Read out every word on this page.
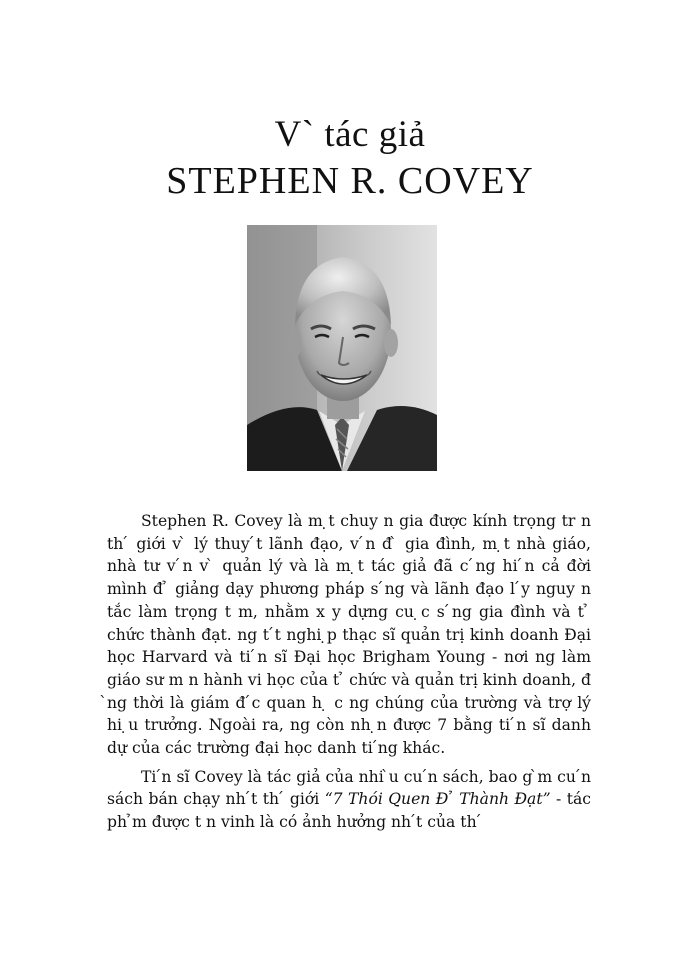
V` tác giả
STEPHEN R. COVEY

Stephen R. Covey là m ̣t chuy n gia được kính trọng tr n th ́ giới v ̀ lý thuy ́t lãnh đạo, v ́n đ ̀ gia đình, m ̣t nhà giáo, nhà tư v ́n v ̀ quản lý và là m ̣t tác giả đã c ́ng hi ́n cả đời mình đ ̉ giảng dạy phương pháp s ́ng và lãnh đạo l ́y nguy n tắc làm trọng t m, nhằm x y dựng cu ̣c s ́ng gia đình và t ̉ chức thành đạt. ng t ́t nghi ̣p thạc sĩ quản trị kinh doanh Đại học Harvard và ti ́n sĩ Đại học Brigham Young - nơi ng làm giáo sư m n hành vi học của t ̉ chức và quản trị kinh doanh, đ ̀ng thời là giám đ ́c quan h ̣ c ng chúng của trường và trợ lý hi ̣u trưởng. Ngoài ra, ng còn nh ̣n được 7 bằng ti ́n sĩ danh dự của các trường đại học danh ti ́ng khác.

Ti ́n sĩ Covey là tác giả của nhi ̀u cu ́n sách, bao g ̀m cu ́n sách bán chạy nh ́t th ́ giới “7 Thói Quen Đ ̉ Thành Đạt” - tác ph ̉m được t n vinh là có ảnh hưởng nh ́t của th ́
